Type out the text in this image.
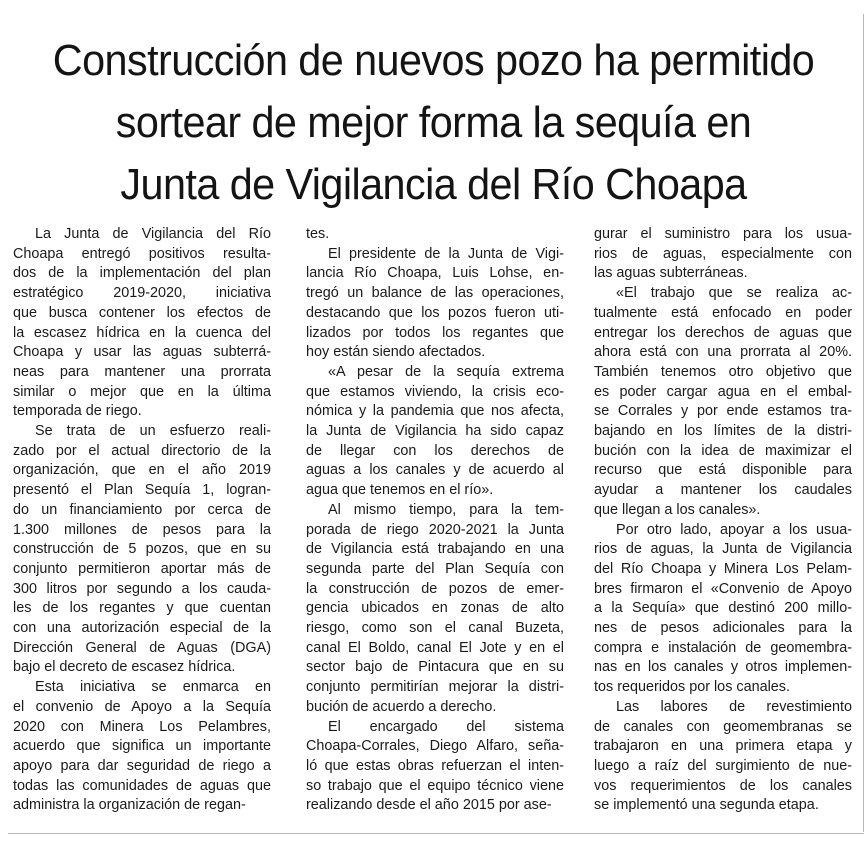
Construcción de nuevos pozo ha permitido
sortear de mejor forma la sequía en
Junta de Vigilancia del Río Choapa

La Junta de Vigilancia del Río
Choapa entregó positivos resulta-
dos de la implementación del plan
estratégico 2019-2020, iniciativa
que busca contener los efectos de
la escasez hídrica en la cuenca del
Choapa y usar las aguas subterrá-
neas para mantener una prorrata
similar o mejor que en la última
temporada de riego.

Se trata de un esfuerzo reali-
zado por el actual directorio de la
organización, que en el año 2019
presentó el Plan Sequía 1, logran-
do un financiamiento por cerca de
1.300 millones de pesos para la
construcción de 5 pozos, que en su
conjunto permitieron aportar más de
300 litros por segundo a los cauda-
les de los regantes y que cuentan
con una autorización especial de la
Dirección General de Aguas (DGA)
bajo el decreto de escasez hídrica.

Esta iniciativa se enmarca en
el convenio de Apoyo a la Sequía
2020 con Minera Los Pelambres,
acuerdo que significa un importante
apoyo para dar seguridad de riego a
todas las comunidades de aguas que
administra la organización de regan-

tes.

El presidente de la Junta de Vigi-
lancia Río Choapa, Luis Lohse, en-
tregó un balance de las operaciones,
destacando que los pozos fueron uti-
lizados por todos los regantes que
hoy están siendo afectados.

«A pesar de la sequía extrema
que estamos viviendo, la crisis eco-
nómica y la pandemia que nos afecta,
la Junta de Vigilancia ha sido capaz
de llegar con los derechos de
aguas a los canales y de acuerdo al
agua que tenemos en el río».

Al mismo tiempo, para la tem-
porada de riego 2020-2021 la Junta
de Vigilancia está trabajando en una
segunda parte del Plan Sequía con
la construcción de pozos de emer-
gencia ubicados en zonas de alto
riesgo, como son el canal Buzeta,
canal El Boldo, canal El Jote y en el
sector bajo de Pintacura que en su
conjunto permitirían mejorar la distri-
bución de acuerdo a derecho.

El encargado del sistema
Choapa-Corrales, Diego Alfaro, seña-
ló que estas obras refuerzan el inten-
so trabajo que el equipo técnico viene
realizando desde el año 2015 por ase-

gurar el suministro para los usua-
rios de aguas, especialmente con
las aguas subterráneas.

«El trabajo que se realiza ac-
tualmente está enfocado en poder
entregar los derechos de aguas que
ahora está con una prorrata al 20%.
También tenemos otro objetivo que
es poder cargar agua en el embal-
se Corrales y por ende estamos tra-
bajando en los límites de la distri-
bución con la idea de maximizar el
recurso que está disponible para
ayudar a mantener los caudales
que llegan a los canales».

Por otro lado, apoyar a los usua-
rios de aguas, la Junta de Vigilancia
del Río Choapa y Minera Los Pelam-
bres firmaron el «Convenio de Apoyo
a la Sequía» que destinó 200 millo-
nes de pesos adicionales para la
compra e instalación de geomembra-
nas en los canales y otros implemen-
tos requeridos por los canales.

Las labores de revestimiento
de canales con geomembranas se
trabajaron en una primera etapa y
luego a raíz del surgimiento de nue-
vos requerimientos de los canales
se implementó una segunda etapa.
